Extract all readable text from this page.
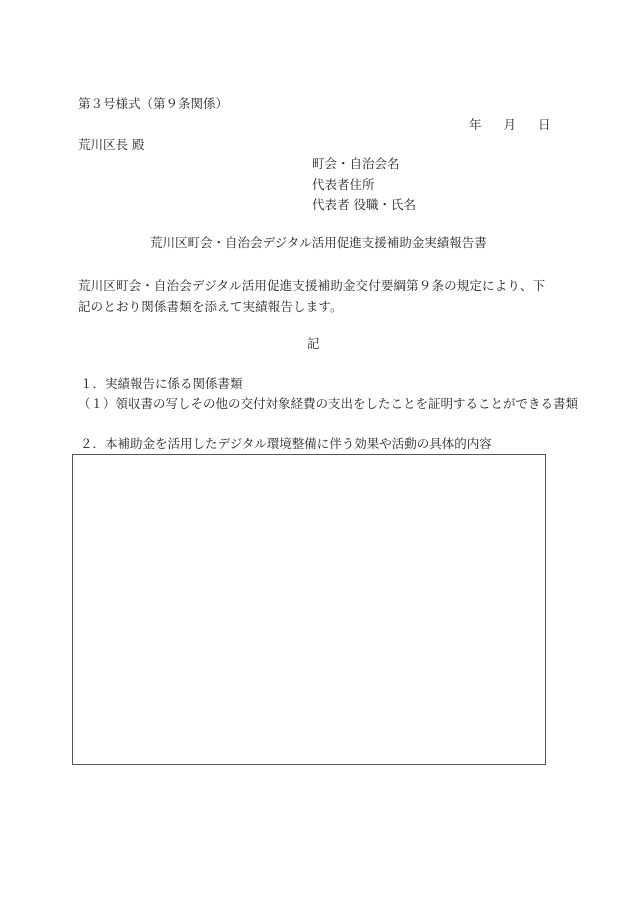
第３号様式（第９条関係）
年 月 日
荒川区長 殿
町会・自治会名
代表者住所
代表者 役職・氏名
荒川区町会・自治会デジタル活用促進支援補助金実績報告書
荒川区町会・自治会デジタル活用促進支援補助金交付要綱第９条の規定により、下記のとおり関係書類を添えて実績報告します。
記
１．実績報告に係る関係書類
（１）領収書の写しその他の交付対象経費の支出をしたことを証明することができる書類
２．本補助金を活用したデジタル環境整備に伴う効果や活動の具体的内容
